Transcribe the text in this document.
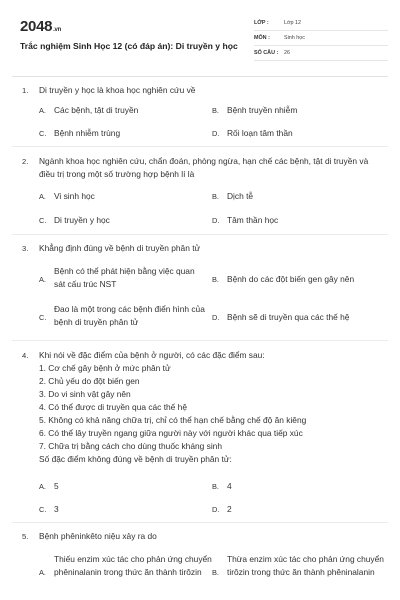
2048.vn
Trắc nghiệm Sinh Học 12 (có đáp án): Di truyền y học
LỚP :	Lớp 12
MÔN :	Sinh học
SỐ CÂU :	26
1. Di truyền y học là khoa học nghiên cứu về
A. Các bệnh, tật di truyền	B. Bệnh truyền nhiễm
C. Bệnh nhiễm trùng	D. Rối loạn tâm thần
2. Ngành khoa học nghiên cứu, chẩn đoán, phòng ngừa, hạn chế các bệnh, tật di truyền và điều trị trong một số trường hợp bệnh lí là
A. Vi sinh học	B. Dịch tễ
C. Di truyền y học	D. Tâm thần học
3. Khẳng định đúng về bệnh di truyền phân tử
A.
Bệnh có thể phát hiện bằng việc quan sát cấu trúc NST	B. Bệnh do các đột biến gen gây nên
C.
Đao là một trong các bệnh điển hình của bệnh di truyền phân tử	D. Bệnh sẽ di truyền qua các thế hệ
4. Khi nói về đặc điểm của bệnh ở người, có các đặc điểm sau:
1. Cơ chế gây bệnh ở mức phân tử
2. Chủ yếu do đột biến gen
3. Do vi sinh vật gây nên
4. Có thể được di truyền qua các thế hệ
5. Không có khả năng chữa trị, chỉ có thể hạn chế bằng chế độ ăn kiêng
6. Có thể lây truyền ngang giữa người này với người khác qua tiếp xúc
7. Chữa trị bằng cách cho dùng thuốc kháng sinh
Số đặc điểm không đúng về bệnh di truyền phân tử:
A. 5	B. 4
C. 3	D. 2
5. Bệnh phêninkêto niệu xảy ra do
A.
Thiếu enzim xúc tác cho phản ứng chuyển phêninalanin trong thức ăn thành tirôzin	B.
Thừa enzim xúc tác cho phản ứng chuyển tirôzin trong thức ăn thành phêninalanin
